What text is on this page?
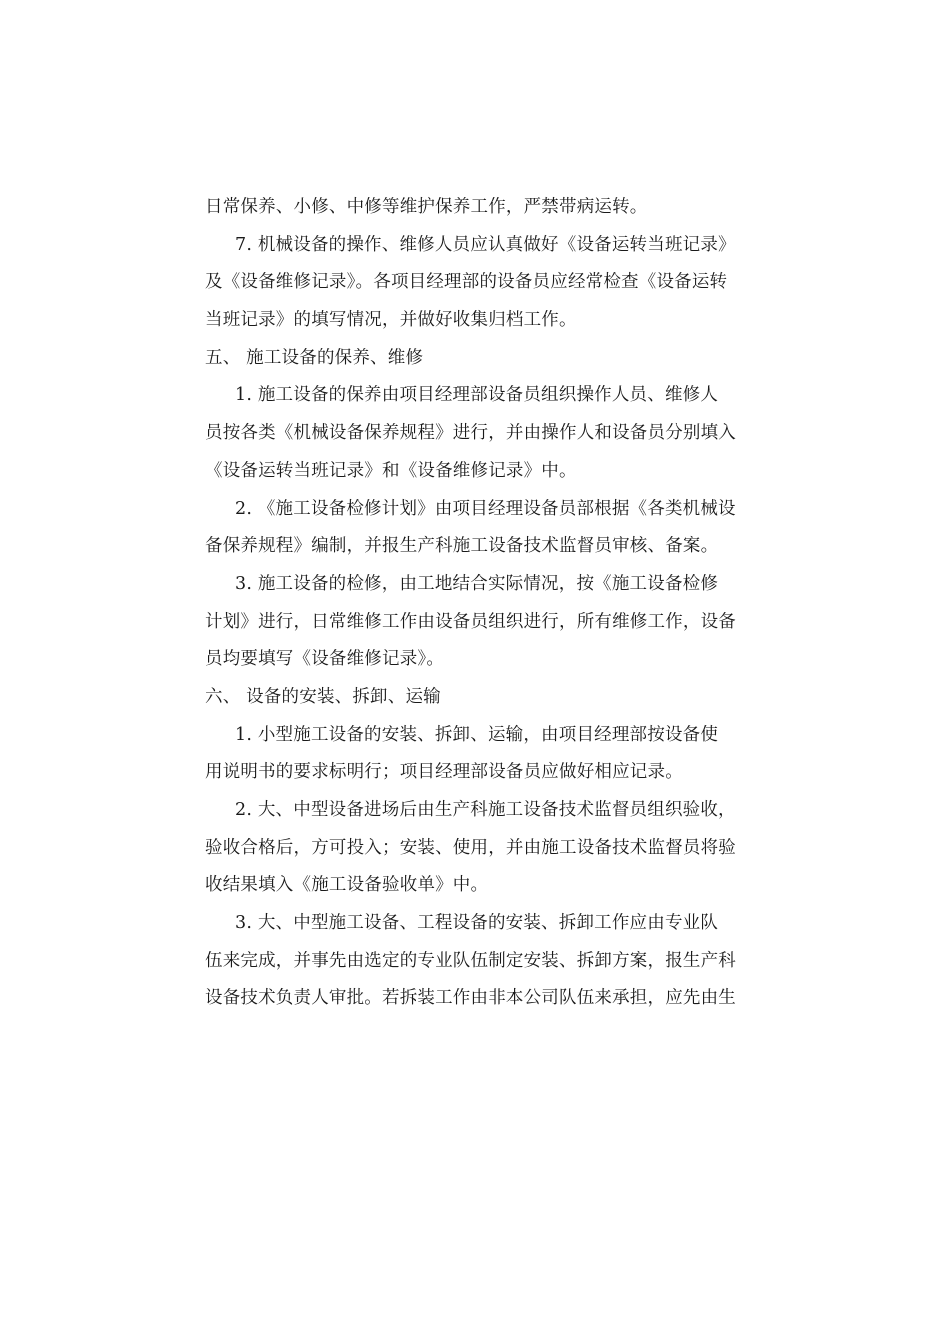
日常保养、小修、中修等维护保养工作，严禁带病运转。
7. 机械设备的操作、维修人员应认真做好《设备运转当班记录》
及《设备维修记录》。各项目经理部的设备员应经常检查《设备运转
当班记录》的填写情况，并做好收集归档工作。
五、 施工设备的保养、维修
1. 施工设备的保养由项目经理部设备员组织操作人员、维修人
员按各类《机械设备保养规程》进行，并由操作人和设备员分别填入
《设备运转当班记录》和《设备维修记录》中。
2. 《施工设备检修计划》由项目经理设备员部根据《各类机械设
备保养规程》编制，并报生产科施工设备技术监督员审核、备案。
3. 施工设备的检修，由工地结合实际情况，按《施工设备检修
计划》进行，日常维修工作由设备员组织进行，所有维修工作，设备
员均要填写《设备维修记录》。
六、 设备的安装、拆卸、运输
1. 小型施工设备的安装、拆卸、运输，由项目经理部按设备使
用说明书的要求标明行；项目经理部设备员应做好相应记录。
2. 大、中型设备进场后由生产科施工设备技术监督员组织验收，
验收合格后，方可投入；安装、使用，并由施工设备技术监督员将验
收结果填入《施工设备验收单》中。
3. 大、中型施工设备、工程设备的安装、拆卸工作应由专业队
伍来完成，并事先由选定的专业队伍制定安装、拆卸方案，报生产科
设备技术负责人审批。若拆装工作由非本公司队伍来承担，应先由生
